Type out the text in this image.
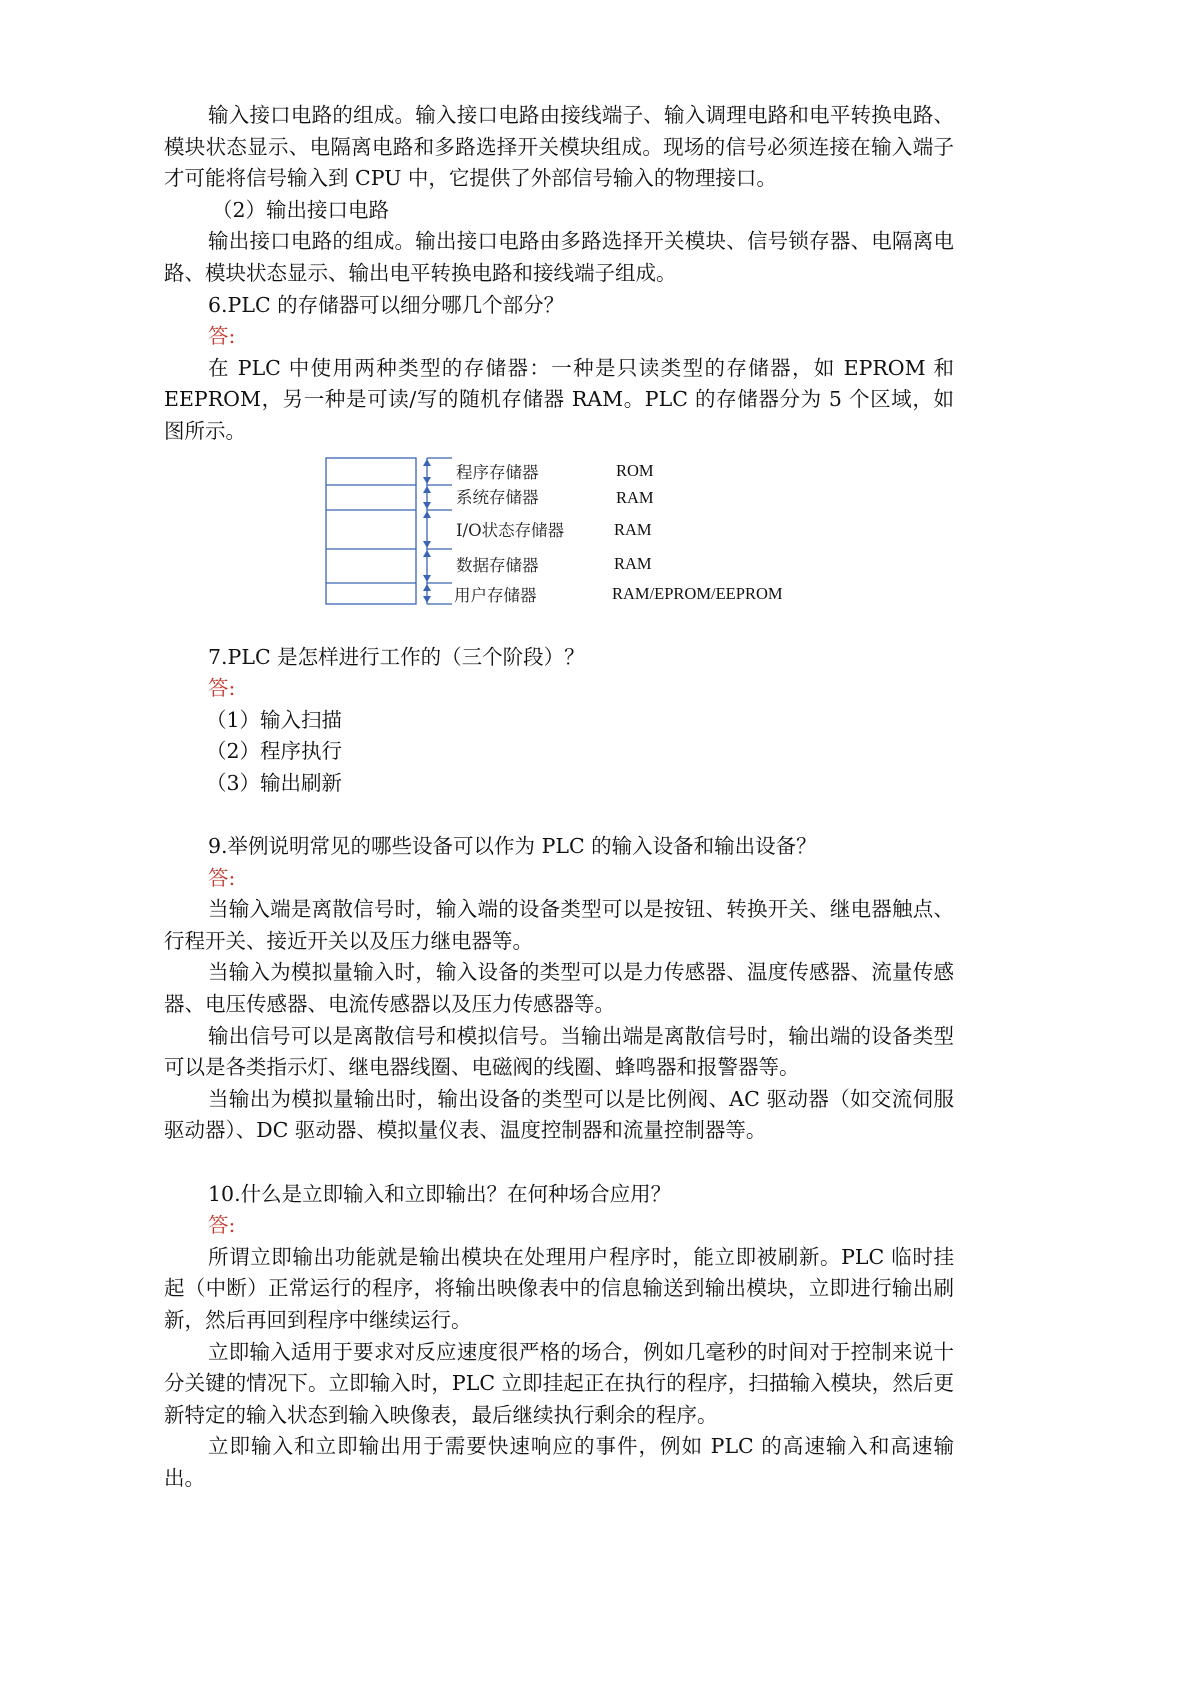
输入接口电路的组成。输入接口电路由接线端子、输入调理电路和电平转换电路、模块状态显示、电隔离电路和多路选择开关模块组成。现场的信号必须连接在输入端子才可能将信号输入到 CPU 中，它提供了外部信号输入的物理接口。

（2）输出接口电路

输出接口电路的组成。输出接口电路由多路选择开关模块、信号锁存器、电隔离电路、模块状态显示、输出电平转换电路和接线端子组成。

6.PLC 的存储器可以细分哪几个部分？

答:

在 PLC 中使用两种类型的存储器：一种是只读类型的存储器，如 EPROM 和 EEPROM，另一种是可读/写的随机存储器 RAM。PLC 的存储器分为 5 个区域，如图所示。

程序存储器	ROM
系统存储器	RAM
I/O状态存储器	RAM
数据存储器	RAM
用户存储器	RAM/EPROM/EEPROM

7.PLC 是怎样进行工作的（三个阶段）？

答:

（1）输入扫描

（2）程序执行

（3）输出刷新

9.举例说明常见的哪些设备可以作为 PLC 的输入设备和输出设备？

答:

当输入端是离散信号时，输入端的设备类型可以是按钮、转换开关、继电器触点、行程开关、接近开关以及压力继电器等。

当输入为模拟量输入时，输入设备的类型可以是力传感器、温度传感器、流量传感器、电压传感器、电流传感器以及压力传感器等。

输出信号可以是离散信号和模拟信号。当输出端是离散信号时，输出端的设备类型可以是各类指示灯、继电器线圈、电磁阀的线圈、蜂鸣器和报警器等。

当输出为模拟量输出时，输出设备的类型可以是比例阀、AC 驱动器（如交流伺服驱动器）、DC 驱动器、模拟量仪表、温度控制器和流量控制器等。

10.什么是立即输入和立即输出？在何种场合应用？

答:

所谓立即输出功能就是输出模块在处理用户程序时，能立即被刷新。PLC 临时挂起（中断）正常运行的程序，将输出映像表中的信息输送到输出模块，立即进行输出刷新，然后再回到程序中继续运行。

立即输入适用于要求对反应速度很严格的场合，例如几毫秒的时间对于控制来说十分关键的情况下。立即输入时，PLC 立即挂起正在执行的程序，扫描输入模块，然后更新特定的输入状态到输入映像表，最后继续执行剩余的程序。

立即输入和立即输出用于需要快速响应的事件，例如 PLC 的高速输入和高速输出。
